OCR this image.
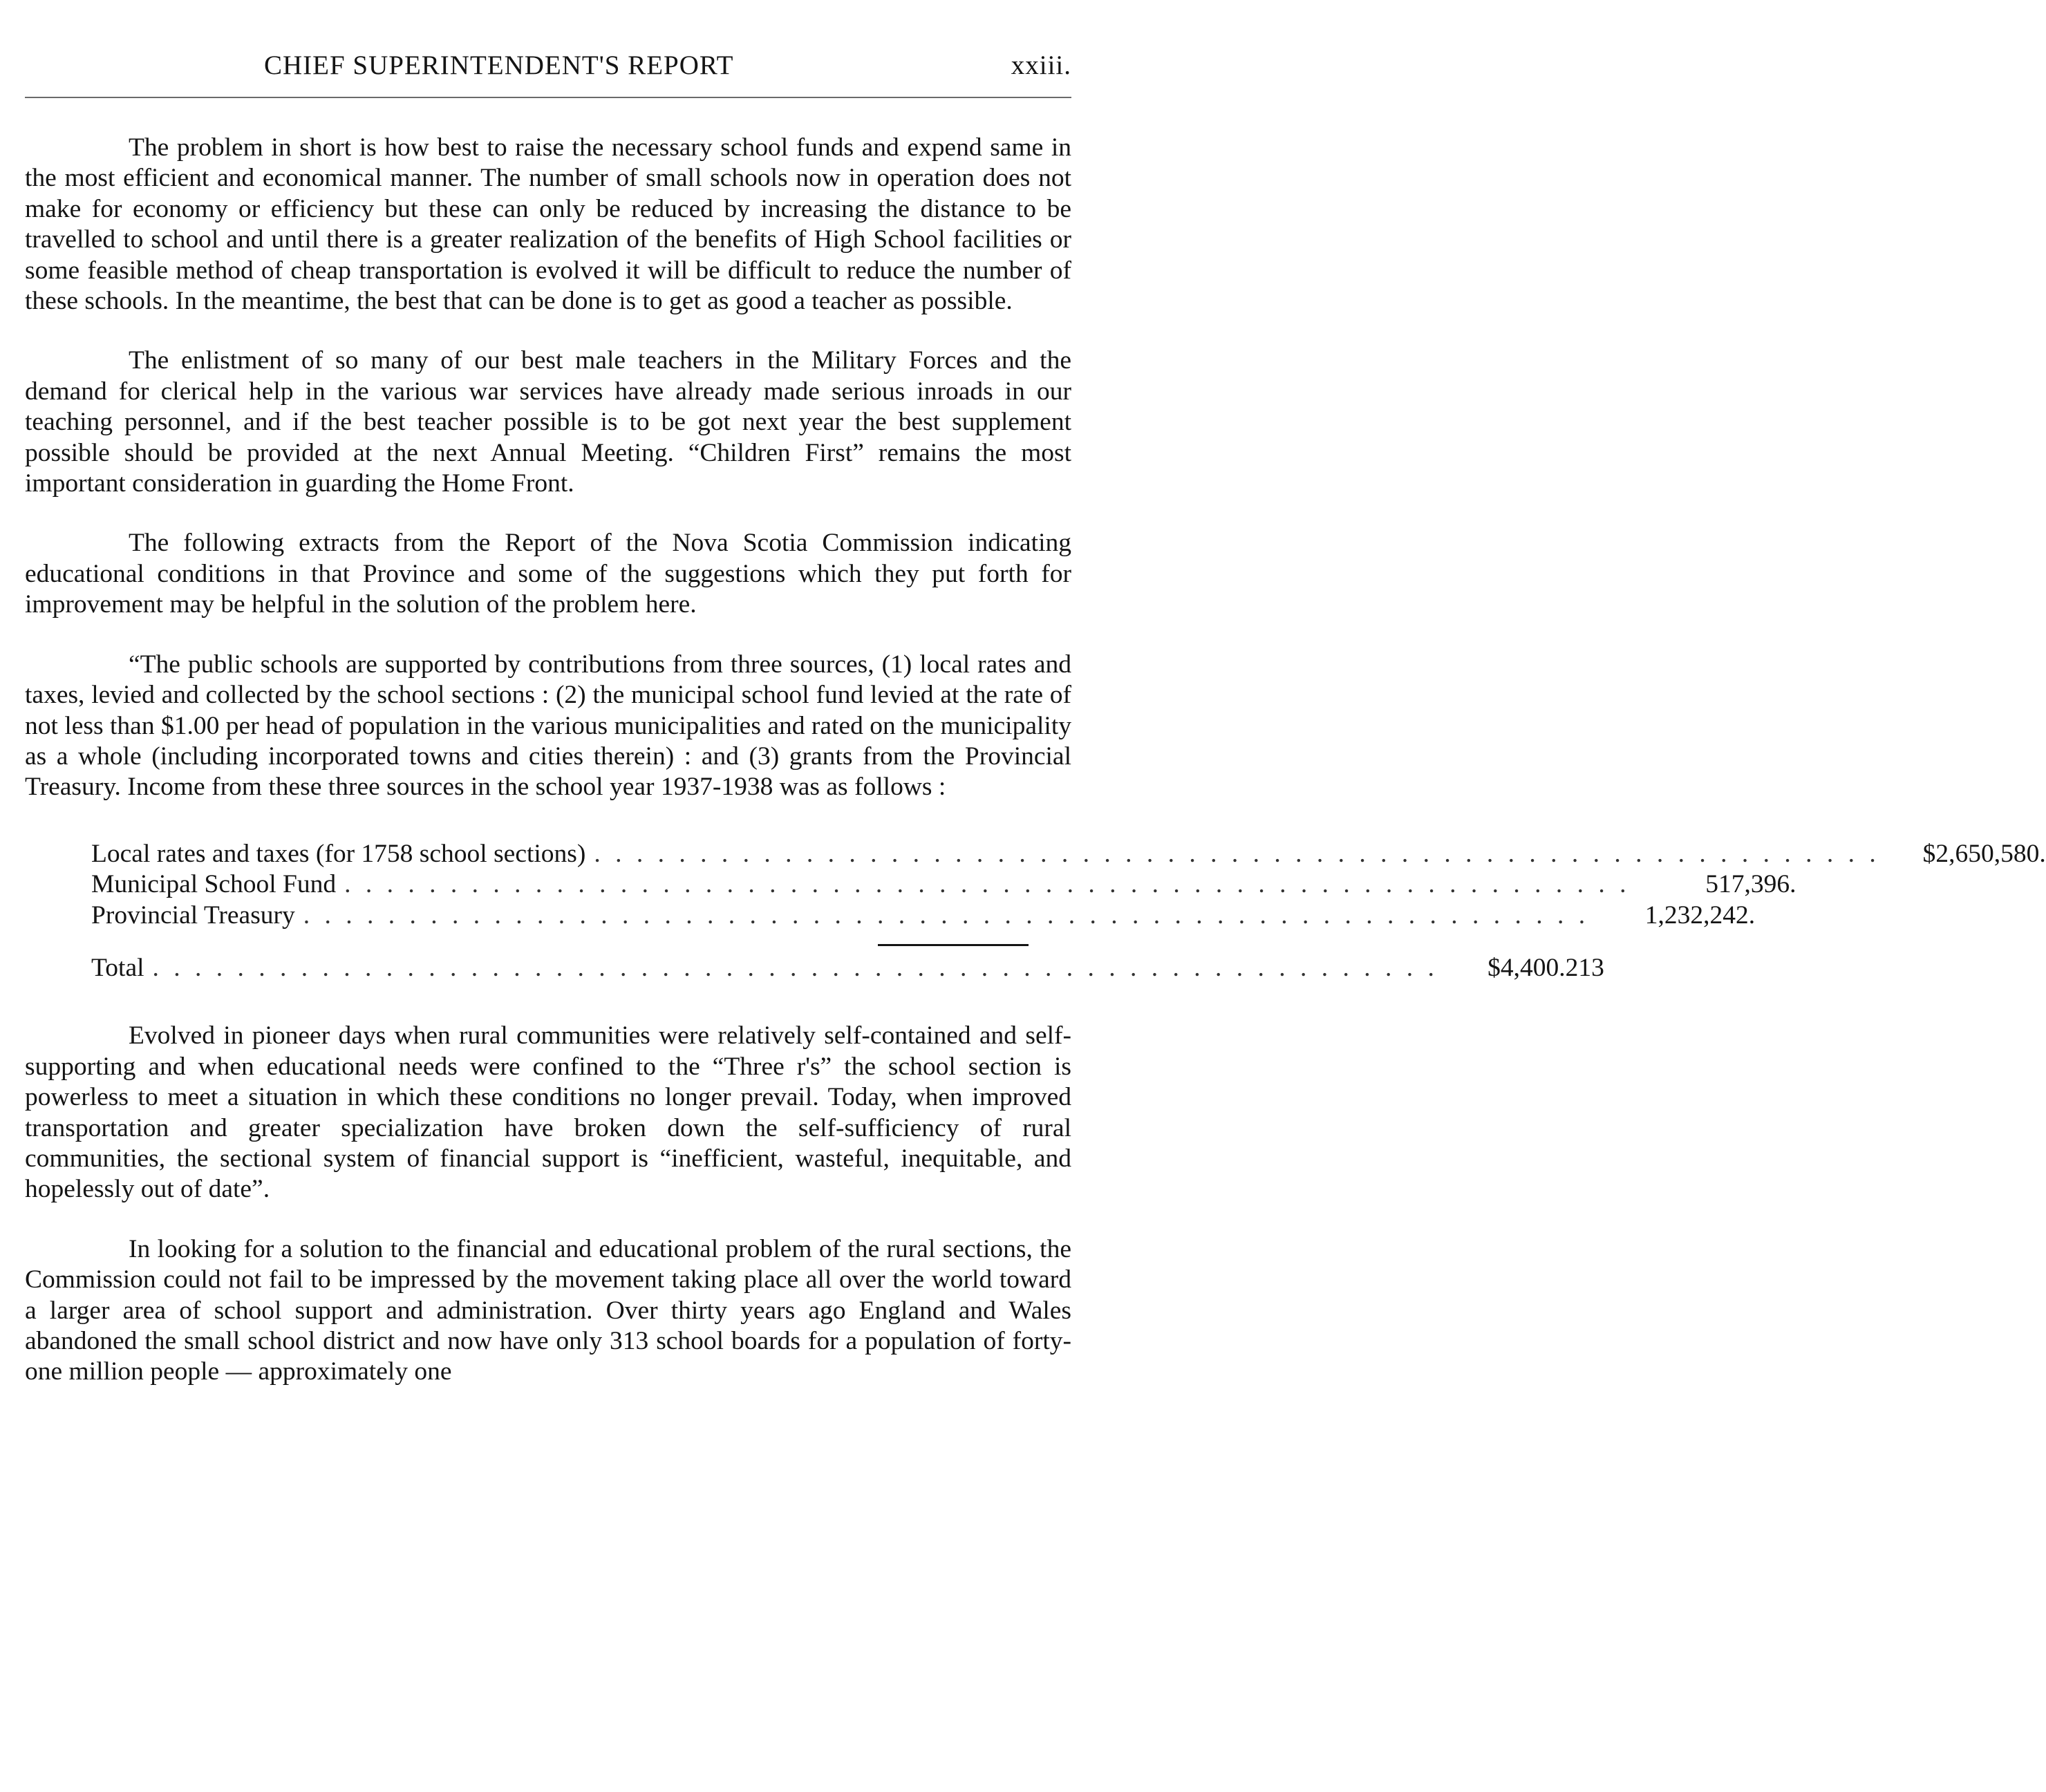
CHIEF SUPERINTENDENT'S REPORT	xxiii.

The problem in short is how best to raise the necessary school funds and expend same in the most efficient and economical manner. The number of small schools now in operation does not make for economy or efficiency but these can only be reduced by increasing the distance to be travelled to school and until there is a greater realization of the benefits of High School facilities or some feasible method of cheap transportation is evolved it will be difficult to reduce the number of these schools. In the meantime, the best that can be done is to get as good a teacher as possible.

The enlistment of so many of our best male teachers in the Military Forces and the demand for clerical help in the various war services have already made serious inroads in our teaching personnel, and if the best teacher possible is to be got next year the best supplement possible should be provided at the next Annual Meeting. “Children First” remains the most important consideration in guarding the Home Front.

The following extracts from the Report of the Nova Scotia Commission indicating educational conditions in that Province and some of the suggestions which they put forth for improvement may be helpful in the solution of the problem here.

“The public schools are supported by contributions from three sources, (1) local rates and taxes, levied and collected by the school sections : (2) the municipal school fund levied at the rate of not less than $1.00 per head of population in the various municipalities and rated on the municipality as a whole (including incorporated towns and cities therein) : and (3) grants from the Provincial Treasury. Income from these three sources in the school year 1937-1938 was as follows :

Local rates and taxes (for 1758 school sections) . . . . . . . . . . . . . . . . . . . . . . . . . . . . . . . . . . . . . . . . . . . . . . . . . . . . . . . . . . . . .	$2,650,580.
Municipal School Fund . . . . . . . . . . . . . . . . . . . . . . . . . . . . . . . . . . . . . . . . . . . . . . . . . . . . . . . . . . . . .	517,396.
Provincial Treasury . . . . . . . . . . . . . . . . . . . . . . . . . . . . . . . . . . . . . . . . . . . . . . . . . . . . . . . . . . . . .	1,232,242.
Total . . . . . . . . . . . . . . . . . . . . . . . . . . . . . . . . . . . . . . . . . . . . . . . . . . . . . . . . . . . . .	$4,400.213

Evolved in pioneer days when rural communities were relatively self-contained and self-supporting and when educational needs were confined to the “Three r's” the school section is powerless to meet a situation in which these conditions no longer prevail. Today, when improved transportation and greater specialization have broken down the self-sufficiency of rural communities, the sectional system of financial support is “inefficient, wasteful, inequitable, and hopelessly out of date”.

In looking for a solution to the financial and educational problem of the rural sections, the Commission could not fail to be impressed by the movement taking place all over the world toward a larger area of school support and administration. Over thirty years ago England and Wales abandoned the small school district and now have only 313 school boards for a population of forty-one million people — approximately one
